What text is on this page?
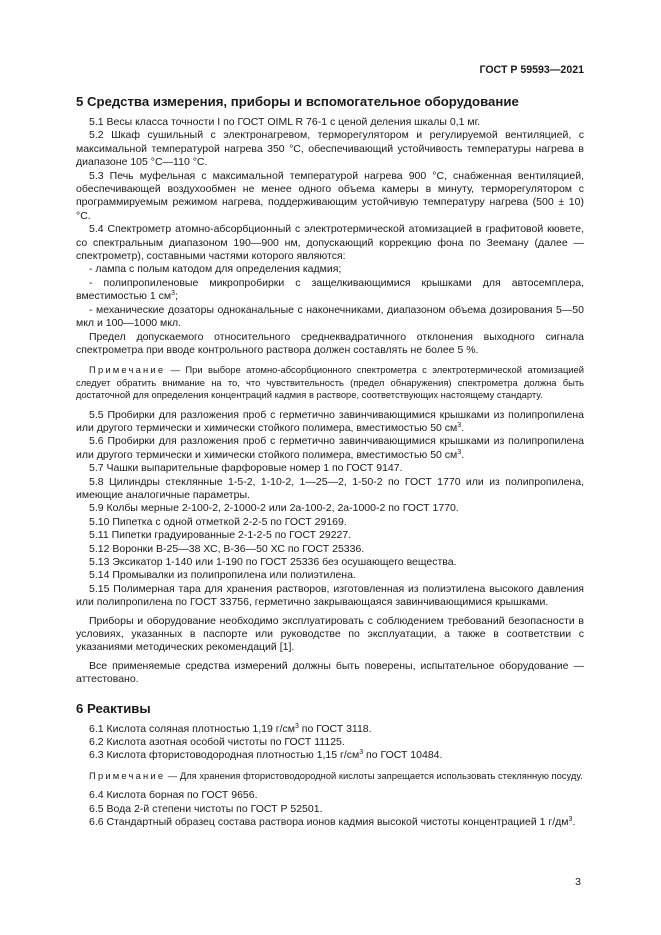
ГОСТ Р 59593—2021
5 Средства измерения, приборы и вспомогательное оборудование

5.1 Весы класса точности I по ГОСТ OIML R 76-1 с ценой деления шкалы 0,1 мг.

5.2 Шкаф сушильный с электронагревом, терморегулятором и регулируемой вентиляцией, с максимальной температурой нагрева 350 °C, обеспечивающий устойчивость температуры нагрева в диапазоне 105 °C—110 °C.

5.3 Печь муфельная с максимальной температурой нагрева 900 °C, снабженная вентиляцией, обеспечивающей воздухообмен не менее одного объема камеры в минуту, терморегулятором с программируемым режимом нагрева, поддерживающим устойчивую температуру нагрева (500 ± 10) °C.

5.4 Спектрометр атомно-абсорбционный с электротермической атомизацией в графитовой кювете, со спектральным диапазоном 190—900 нм, допускающий коррекцию фона по Зееману (далее — спектрометр), составными частями которого являются:

- лампа с полым катодом для определения кадмия;

- полипропиленовые микропробирки с защелкивающимися крышками для автосемплера, вместимостью 1 $см^3$;

- механические дозаторы одноканальные с наконечниками, диапазоном объема дозирования 5—50 мкл и 100—1000 мкл.

Предел допускаемого относительного среднеквадратичного отклонения выходного сигнала спектрометра при вводе контрольного раствора должен составлять не более 5 %.

Примечание — При выборе атомно-абсорбционного спектрометра с электротермической атомизацией следует обратить внимание на то, что чувствительность (предел обнаружения) спектрометра должна быть достаточной для определения концентраций кадмия в растворе, соответствующих настоящему стандарту.

5.5 Пробирки для разложения проб с герметично завинчивающимися крышками из полипропилена или другого термически и химически стойкого полимера, вместимостью 50 $см^3$.

5.6 Пробирки для разложения проб с герметично завинчивающимися крышками из полипропилена или другого термически и химически стойкого полимера, вместимостью 50 $см^3$.

5.7 Чашки выпарительные фарфоровые номер 1 по ГОСТ 9147.

5.8 Цилиндры стеклянные 1-5-2, 1-10-2, 1—25—2, 1-50-2 по ГОСТ 1770 или из полипропилена, имеющие аналогичные параметры.

5.9 Колбы мерные 2-100-2, 2-1000-2 или 2а-100-2, 2а-1000-2 по ГОСТ 1770.

5.10 Пипетка с одной отметкой 2-2-5 по ГОСТ 29169.

5.11 Пипетки градуированные 2-1-2-5 по ГОСТ 29227.

5.12 Воронки В-25—38 ХС, В-36—50 ХС по ГОСТ 25336.

5.13 Эксикатор 1-140 или 1-190 по ГОСТ 25336 без осушающего вещества.

5.14 Промывалки из полипропилена или полиэтилена.

5.15 Полимерная тара для хранения растворов, изготовленная из полиэтилена высокого давления или полипропилена по ГОСТ 33756, герметично закрывающаяся завинчивающимися крышками.

Приборы и оборудование необходимо эксплуатировать с соблюдением требований безопасности в условиях, указанных в паспорте или руководстве по эксплуатации, а также в соответствии с указаниями методических рекомендаций [1].

Все применяемые средства измерений должны быть поверены, испытательное оборудование — аттестовано.

6 Реактивы

6.1 Кислота соляная плотностью 1,19 $г/см^3$ по ГОСТ 3118.

6.2 Кислота азотная особой чистоты по ГОСТ 11125.

6.3 Кислота фтористоводородная плотностью 1,15 $г/см^3$ по ГОСТ 10484.

Примечание — Для хранения фтористоводородной кислоты запрещается использовать стеклянную посуду.

6.4 Кислота борная по ГОСТ 9656.

6.5 Вода 2-й степени чистоты по ГОСТ Р 52501.

6.6 Стандартный образец состава раствора ионов кадмия высокой чистоты концентрацией 1 $г/дм^3$.

3
